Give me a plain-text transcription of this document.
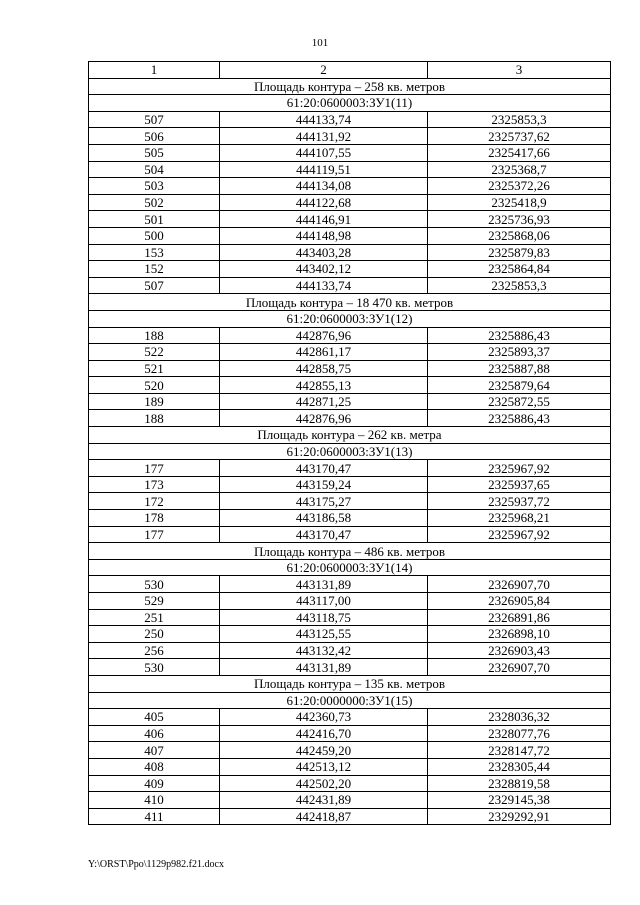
101
1	2	3
Площадь контура – 258 кв. метров		
61:20:0600003:ЗУ1(11)		
507	444133,74	2325853,3
506	444131,92	2325737,62
505	444107,55	2325417,66
504	444119,51	2325368,7
503	444134,08	2325372,26
502	444122,68	2325418,9
501	444146,91	2325736,93
500	444148,98	2325868,06
153	443403,28	2325879,83
152	443402,12	2325864,84
507	444133,74	2325853,3
Площадь контура – 18 470 кв. метров		
61:20:0600003:ЗУ1(12)		
188	442876,96	2325886,43
522	442861,17	2325893,37
521	442858,75	2325887,88
520	442855,13	2325879,64
189	442871,25	2325872,55
188	442876,96	2325886,43
Площадь контура – 262 кв. метра		
61:20:0600003:ЗУ1(13)		
177	443170,47	2325967,92
173	443159,24	2325937,65
172	443175,27	2325937,72
178	443186,58	2325968,21
177	443170,47	2325967,92
Площадь контура – 486 кв. метров		
61:20:0600003:ЗУ1(14)		
530	443131,89	2326907,70
529	443117,00	2326905,84
251	443118,75	2326891,86
250	443125,55	2326898,10
256	443132,42	2326903,43
530	443131,89	2326907,70
Площадь контура – 135 кв. метров		
61:20:0000000:ЗУ1(15)		
405	442360,73	2328036,32
406	442416,70	2328077,76
407	442459,20	2328147,72
408	442513,12	2328305,44
409	442502,20	2328819,58
410	442431,89	2329145,38
411	442418,87	2329292,91
Y:\ORST\Ppo\1129p982.f21.docx
